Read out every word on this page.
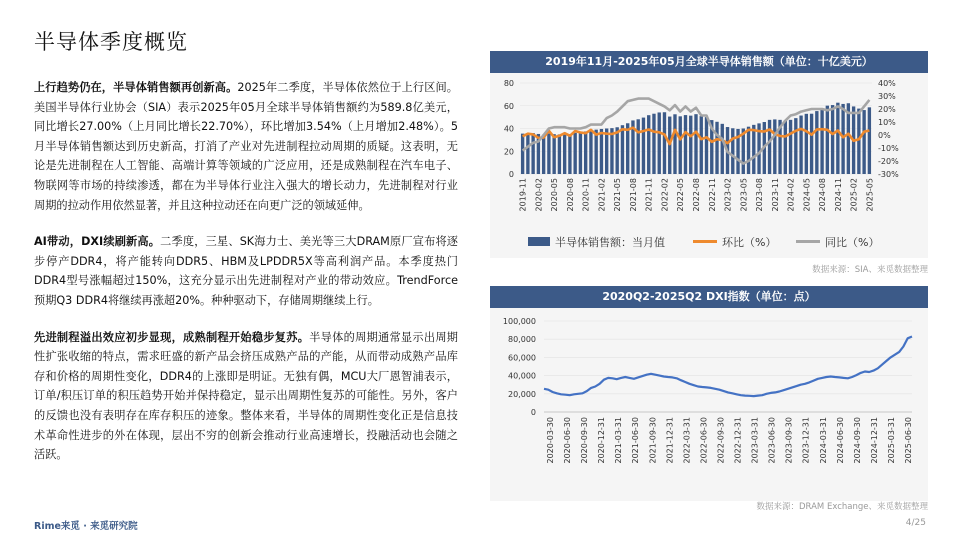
半导体季度概览

上行趋势仍在，半导体销售额再创新高。2025年二季度，半导体依然位于上行区间。美国半导体行业协会（SIA）表示2025年05月全球半导体销售额约为589.8亿美元，同比增长27.00%（上月同比增长22.70%），环比增加3.54%（上月增加2.48%）。5月半导体销售额达到历史新高，打消了产业对先进制程拉动周期的质疑。这表明，无论是先进制程在人工智能、高端计算等领域的广泛应用，还是成熟制程在汽车电子、物联网等市场的持续渗透，都在为半导体行业注入强大的增长动力，先进制程对行业周期的拉动作用依然显著，并且这种拉动还在向更广泛的领域延伸。

AI带动，DXI续刷新高。二季度，三星、SK海力士、美光等三大DRAM原厂宣布将逐步停产DDR4，将产能转向DDR5、HBM及LPDDR5X等高利润产品。本季度热门DDR4型号涨幅超过150%，这充分显示出先进制程对产业的带动效应。TrendForce预期Q3 DDR4将继续再涨超20%。种种驱动下，存储周期继续上行。

先进制程溢出效应初步显现，成熟制程开始稳步复苏。半导体的周期通常显示出周期性扩张收缩的特点，需求旺盛的新产品会挤压成熟产品的产能，从而带动成熟产品库存和价格的周期性变化，DDR4的上涨即是明证。无独有偶，MCU大厂恩智浦表示，订单/积压订单的积压趋势开始并保持稳定，显示出周期性复苏的可能性。另外，客户的反馈也没有表明存在库存积压的迹象。整体来看，半导体的周期性变化正是信息技术革命性进步的外在体现，层出不穷的创新会推动行业高速增长，投融活动也会随之活跃。

2019年11月-2025年05月全球半导体销售额（单位：十亿美元）
0
20
40
60
80
-30%
-20%
-10%
0%
10%
20%
30%
40%
2019-11 2020-02 2020-05 2020-08 2020-11 2021-02 2021-05 2021-08 2021-11 2022-02 2022-05 2022-08 2022-11 2023-02 2023-05 2023-08 2023-11 2024-02 2024-05 2024-08 2024-11 2025-02 2025-05
半导体销售额：当月值	环比（%）	同比（%）
数据来源：SIA、来觅数据整理
2020Q2-2025Q2 DXI指数（单位：点）
0
20,000
40,000
60,000
80,000
100,000
2020-03-30 2020-06-30 2020-09-30 2020-12-31 2021-03-31 2021-06-30 2021-09-30 2021-12-31 2022-03-31 2022-06-30 2022-09-30 2022-12-31 2023-03-31 2023-06-30 2023-09-30 2023-12-31 2024-03-31 2024-06-30 2024-09-30 2024-12-31 2025-03-31 2025-06-30
数据来源：DRAM Exchange、来觅数据整理
Rime来觅 · 来觅研究院	4/25
